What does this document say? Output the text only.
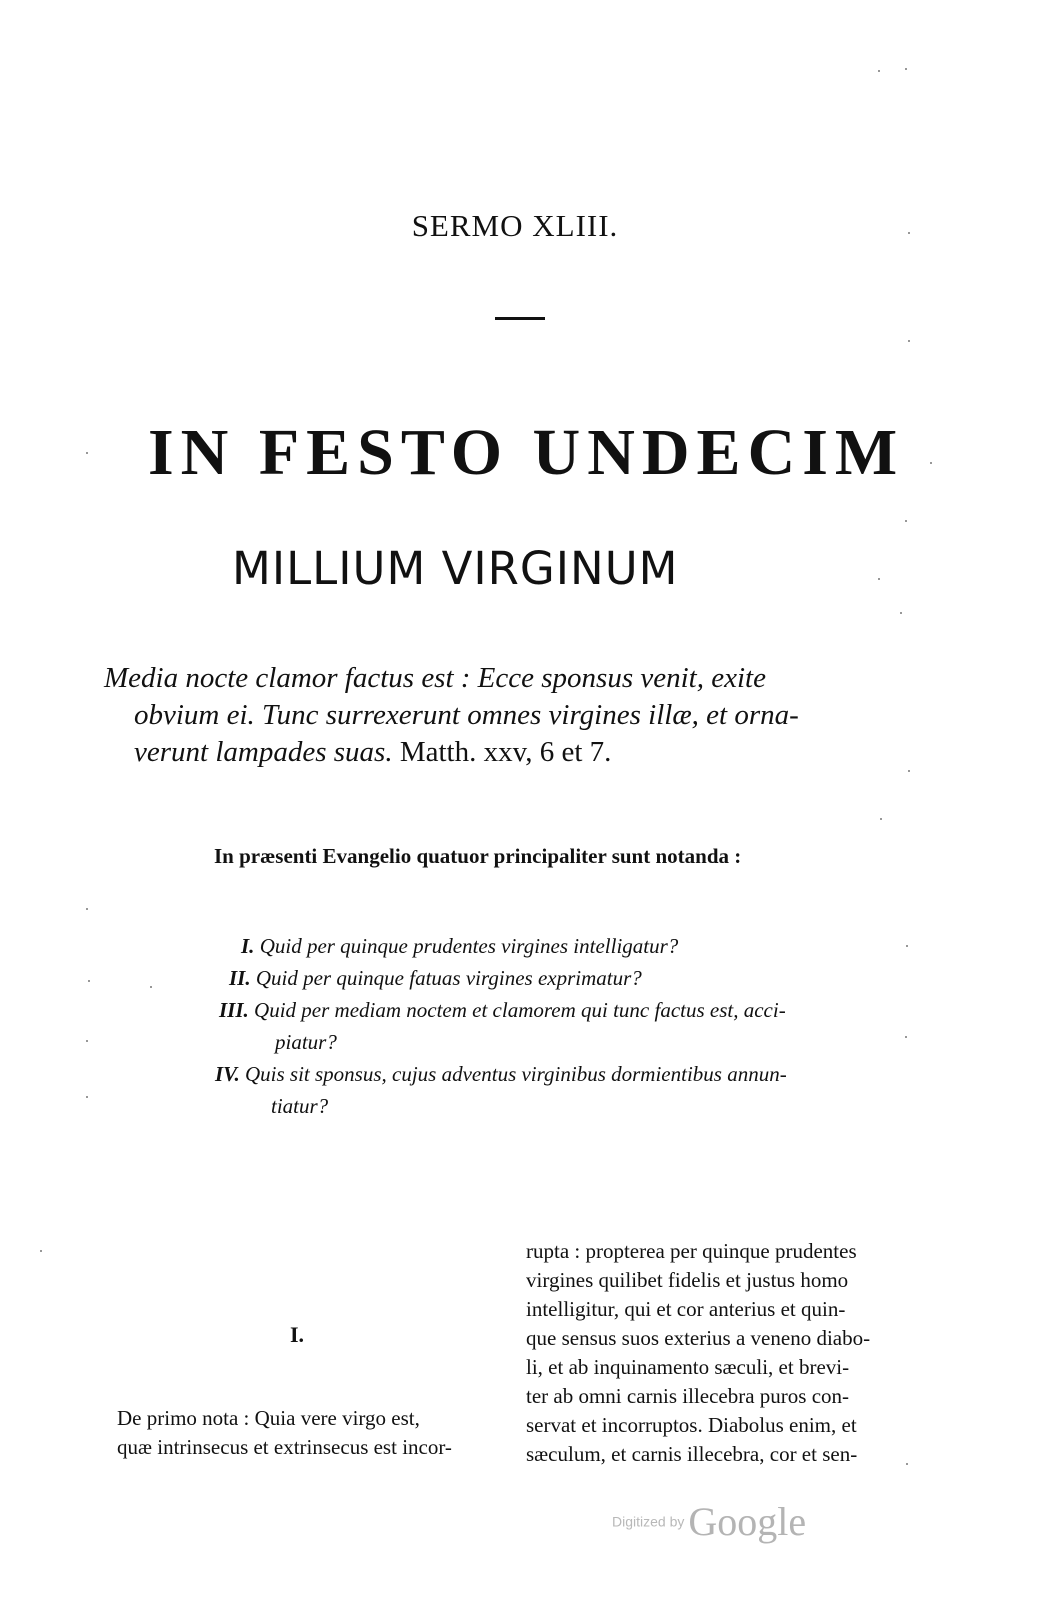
SERMO XLIII.
IN FESTO UNDECIM
MILLIUM VIRGINUM
Media nocte clamor factus est : Ecce sponsus venit, exite
obvium ei. Tunc surrexerunt omnes virgines illæ, et orna-
verunt lampades suas. Matth. xxv, 6 et 7.
In præsenti Evangelio quatuor principaliter sunt notanda :
I. Quid per quinque prudentes virgines intelligatur?
II. Quid per quinque fatuas virgines exprimatur?
III. Quid per mediam noctem et clamorem qui tunc factus est, acci-
piatur?
IV. Quis sit sponsus, cujus adventus virginibus dormientibus annun-
tiatur?
I.
De primo nota : Quia vere virgo est,
quæ intrinsecus et extrinsecus est incor-
rupta : propterea per quinque prudentes
virgines quilibet fidelis et justus homo
intelligitur, qui et cor anterius et quin-
que sensus suos exterius a veneno diabo-
li, et ab inquinamento sæculi, et brevi-
ter ab omni carnis illecebra puros con-
servat et incorruptos. Diabolus enim, et
sæculum, et carnis illecebra, cor et sen-
Digitized by Google
